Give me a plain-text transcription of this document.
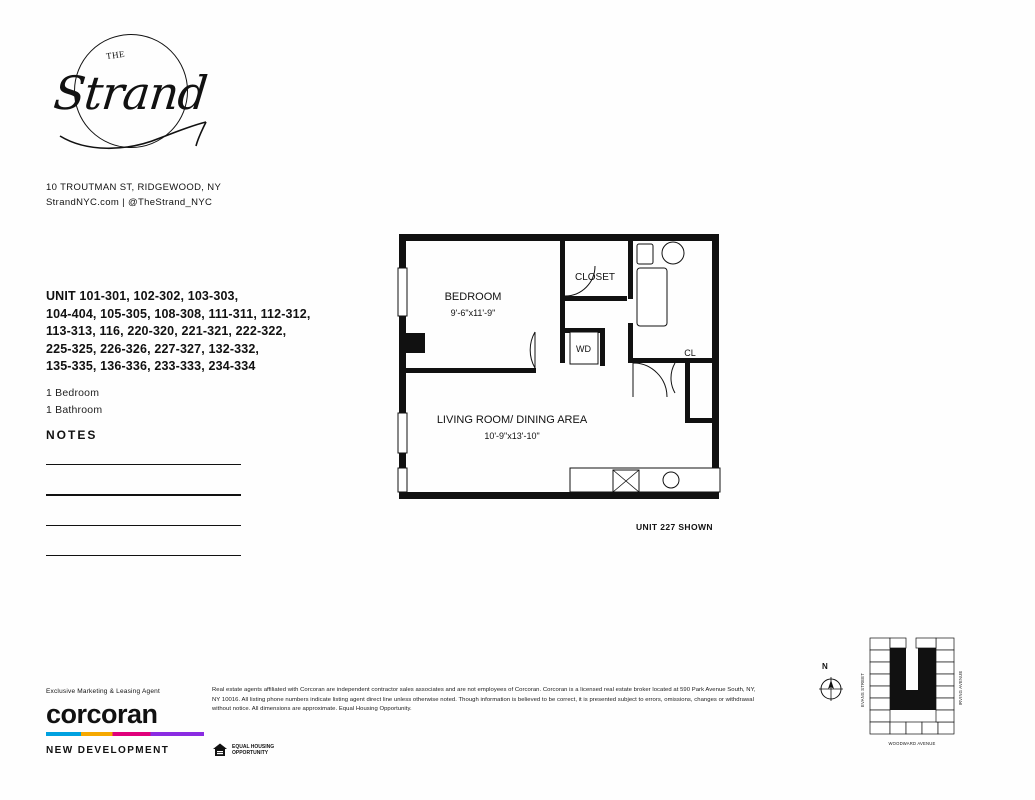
THE
Strand
10 TROUTMAN ST, RIDGEWOOD, NY
StrandNYC.com | @TheStrand_NYC
UNIT 101-301, 102-302, 103-303,
104-404, 105-305, 108-308, 111-311, 112-312,
113-313, 116, 220-320, 221-321, 222-322,
225-325, 226-326, 227-327, 132-332,
135-335, 136-336, 233-333, 234-334
1 Bedroom
1 Bathroom
NOTES
BEDROOM
9'-6"x11'-9"
CLOSET
WD	CL
LIVING ROOM/ DINING AREA
10'-9"x13'-10"
UNIT 227 SHOWN
Exclusive Marketing & Leasing Agent
corcoran
NEW DEVELOPMENT
Real estate agents affiliated with Corcoran are independent contractor sales associates and are not employees of Corcoran. Corcoran is a licensed real estate broker located at 590 Park Avenue South, NY, NY 10016. All listing phone numbers indicate listing agent direct line unless otherwise noted. Though information is believed to be correct, it is presented subject to errors, omissions, changes or withdrawal without notice. All dimensions are approximate. Equal Housing Opportunity.
EQUAL HOUSING
OPPORTUNITY
N
EVANS STREET	IRVING AVENUE
WOODWARD AVENUE
